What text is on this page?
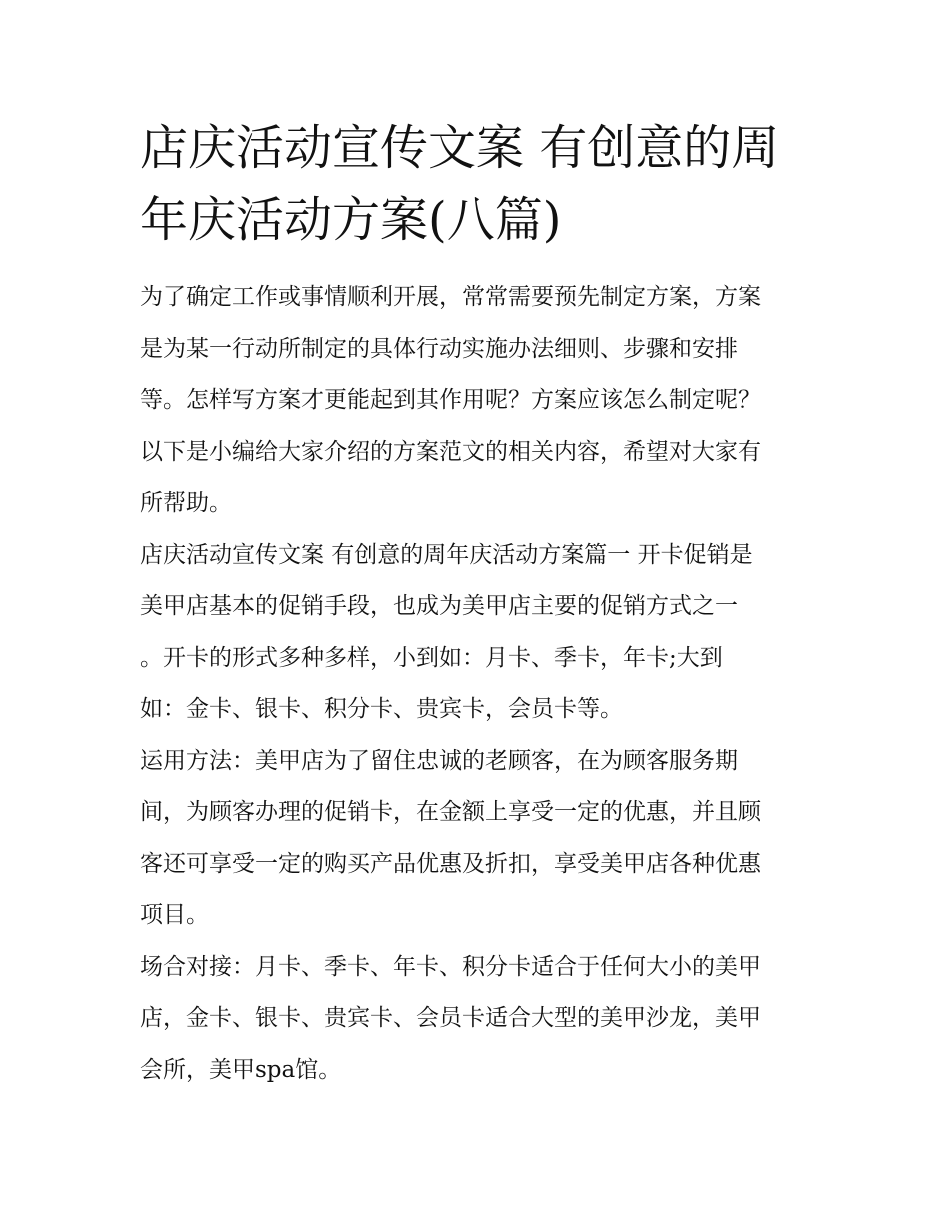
店庆活动宣传文案 有创意的周
年庆活动方案(八篇)

为了确定工作或事情顺利开展，常常需要预先制定方案，方案
是为某一行动所制定的具体行动实施办法细则、步骤和安排
等。怎样写方案才更能起到其作用呢？方案应该怎么制定呢？
以下是小编给大家介绍的方案范文的相关内容，希望对大家有
所帮助。

店庆活动宣传文案 有创意的周年庆活动方案篇一 开卡促销是
美甲店基本的促销手段，也成为美甲店主要的促销方式之一
。开卡的形式多种多样，小到如：月卡、季卡，年卡;大到
如：金卡、银卡、积分卡、贵宾卡，会员卡等。

运用方法：美甲店为了留住忠诚的老顾客，在为顾客服务期
间，为顾客办理的促销卡，在金额上享受一定的优惠，并且顾
客还可享受一定的购买产品优惠及折扣，享受美甲店各种优惠
项目。

场合对接：月卡、季卡、年卡、积分卡适合于任何大小的美甲
店，金卡、银卡、贵宾卡、会员卡适合大型的美甲沙龙，美甲
会所，美甲spa馆。
